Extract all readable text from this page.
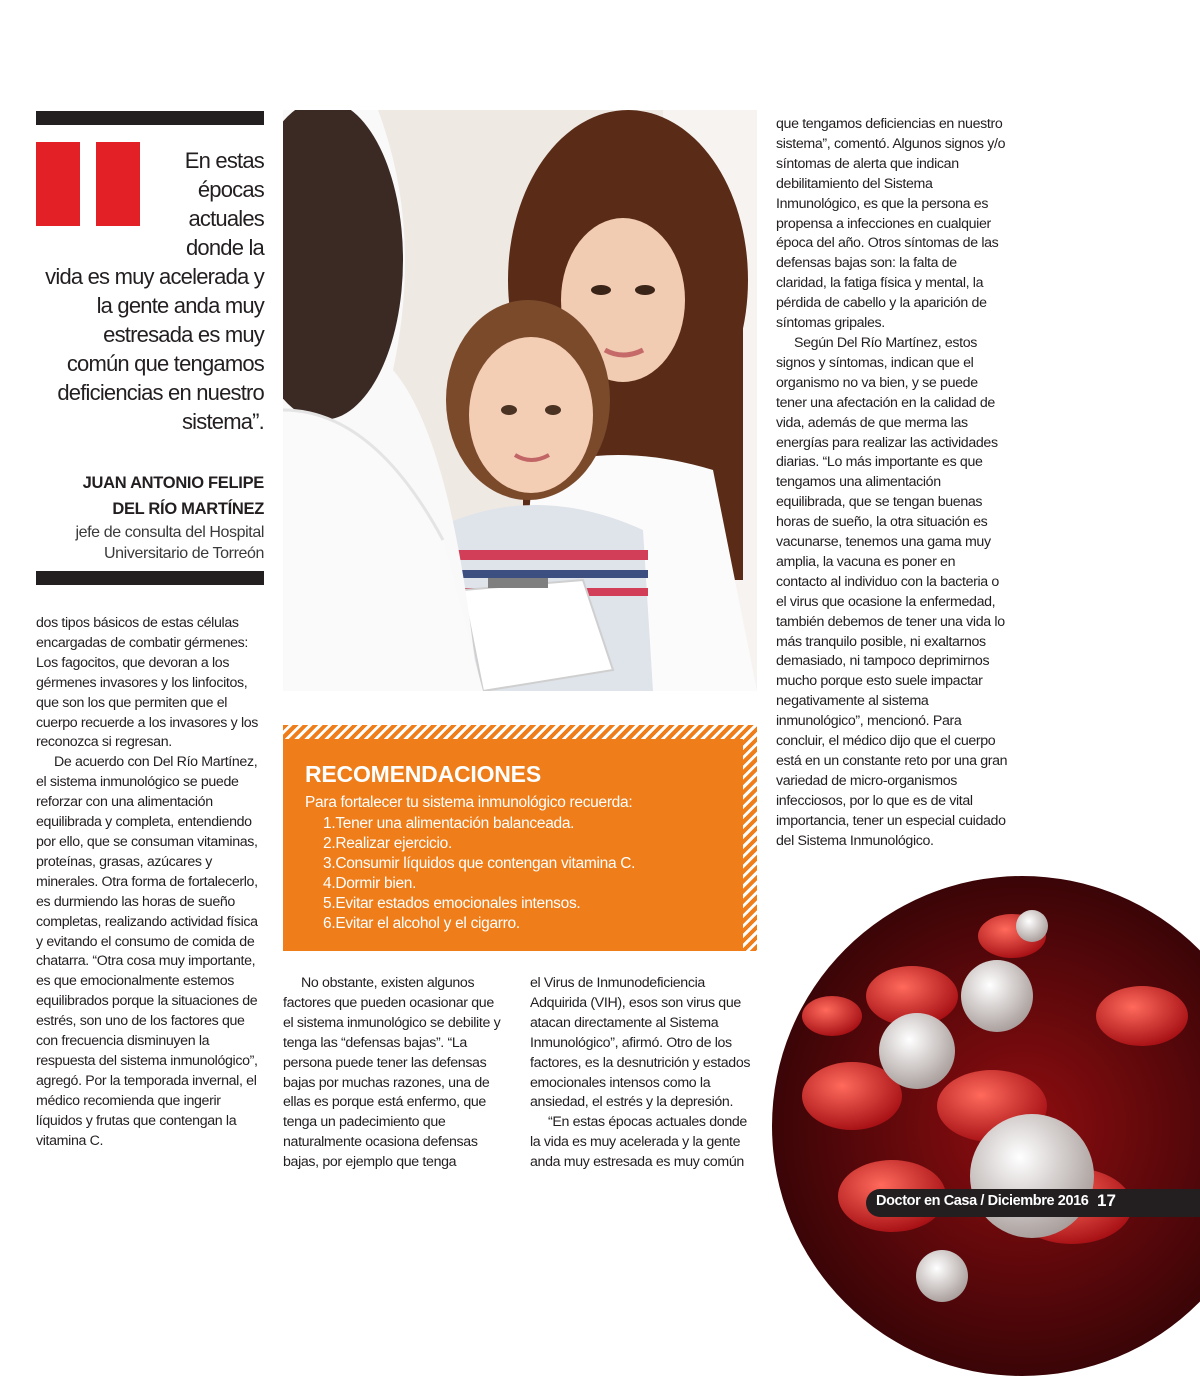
En estas épocas actuales donde la vida es muy acelerada y la gente anda muy estresada es muy común que tengamos deficiencias en nuestro sistema”.

JUAN ANTONIO FELIPE
DEL RÍO MARTÍNEZ
jefe de consulta del Hospital
Universitario de Torreón
RECOMENDACIONES

Para fortalecer tu sistema inmunológico recuerda:

1.Tener una alimentación balanceada.
2.Realizar ejercicio.
3.Consumir líquidos que contengan vitamina C.
4.Dormir bien.
5.Evitar estados emocionales intensos.
6.Evitar el alcohol y el cigarro.

dos tipos básicos de estas células encargadas de combatir gérmenes: Los fagocitos, que devoran a los gérmenes invasores y los linfocitos, que son los que permiten que el cuerpo recuerde a los invasores y los reconozca si regresan.

De acuerdo con Del Río Martínez, el sistema inmunológico se puede reforzar con una alimentación equilibrada y completa, entendiendo por ello, que se consuman vitaminas, proteínas, grasas, azúcares y minerales. Otra forma de fortalecerlo, es durmiendo las horas de sueño completas, realizando actividad física y evitando el consumo de comida de chatarra. “Otra cosa muy importante, es que emocionalmente estemos equilibrados porque la situaciones de estrés, son uno de los factores que con frecuencia disminuyen la respuesta del sistema inmunológico”, agregó. Por la temporada invernal, el médico recomienda que ingerir líquidos y frutas que contengan la vitamina C.

No obstante, existen algunos factores que pueden ocasionar que el sistema inmunológico se debilite y tenga las “defensas bajas”. “La persona puede tener las defensas bajas por muchas razones, una de ellas es porque está enfermo, que tenga un padecimiento que naturalmente ocasiona defensas bajas, por ejemplo que tenga

el Virus de Inmunodeficiencia Adquirida (VIH), esos son virus que atacan directamente al Sistema Inmunológico”, afirmó. Otro de los factores, es la desnutrición y estados emocionales intensos como la ansiedad, el estrés y la depresión.

“En estas épocas actuales donde la vida es muy acelerada y la gente anda muy estresada es muy común

que tengamos deficiencias en nuestro sistema”, comentó. Algunos signos y/o síntomas de alerta que indican debilitamiento del Sistema Inmunológico, es que la persona es propensa a infecciones en cualquier época del año. Otros síntomas de las defensas bajas son: la falta de claridad, la fatiga física y mental, la pérdida de cabello y la aparición de síntomas gripales.

Según Del Río Martínez, estos signos y síntomas, indican que el organismo no va bien, y se puede tener una afectación en la calidad de vida, además de que merma las energías para realizar las actividades diarias. “Lo más importante es que tengamos una alimentación equilibrada, que se tengan buenas horas de sueño, la otra situación es vacunarse, tenemos una gama muy amplia, la vacuna es poner en contacto al individuo con la bacteria o el virus que ocasione la enfermedad, también debemos de tener una vida lo más tranquilo posible, ni exaltarnos demasiado, ni tampoco deprimirnos mucho porque esto suele impactar negativamente al sistema inmunológico”, mencionó. Para concluir, el médico dijo que el cuerpo está en un constante reto por una gran variedad de micro-organismos infecciosos, por lo que es de vital importancia, tener un especial cuidado del Sistema Inmunológico.

Doctor en Casa / Diciembre 2016 17
